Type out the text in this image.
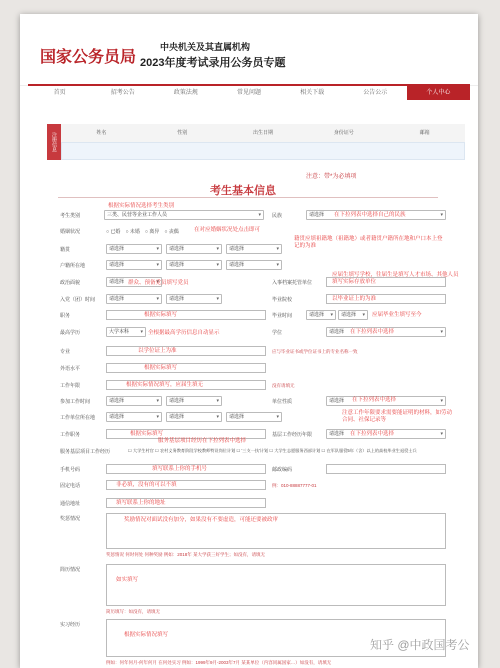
国家公务员局
中央机关及其直属机构
2023年度考试录用公务员专题
首页	招考公告	政策法规	常见问题	相关下载	公告公示	个人中心
注册信息	姓名	性别	出生日期	身份证号	邮箱
注意：带*为必填项
考生基本信息
考生类别	三类、民营等企业工作人员 ▾
根据实际情况选择考生类别
民族	请选择 ▾	在下拉列表中选择自己的民族
婚姻状况	○ 已婚　○ 未婚　○ 离异　○ 丧偶	在对应婚姻状况处点击即可
籍贯	请选择 ▾	请选择 ▾	请选择 ▾
籍贯应填祖籍地（祖籍地）或者籍贯户籍所在地和户口本上登记的为准
户籍所在地	请选择 ▾	请选择 ▾	请选择 ▾
政治面貌	请选择 ▾ 群众、预备党员填写党员	入事档案托管单位
应届生填写学校，往届生是填写人才市场、其他人员填写实际存放单位
入党（团）时间	请选择 ▾	请选择 ▾	毕业院校	以毕业证上的为准
职务	根据实际填写	毕业时间	请选择 ▾	请选择 ▾	应届毕业生填写至今
最高学历	大学本科 ▾	全根据最高学历信息自动显示	学位	请选择 ▾	在下拉列表中选择
专业	以学位证上为准	应与毕业证书或学位证书上的专业名称一致
外语水平	根据实际填写
工作年限	根据实际情况填写，应届生填无	没有请填无
参加工作时间	请选择 ▾	请选择 ▾	单位性质	请选择 ▾	在下拉列表中选择
工作单位所在地	请选择 ▾	请选择 ▾	请选择 ▾
注意工作年限要求需要能证明的材料，如劳动合同、社保记录等
工作职务	根据实际填写	基层工作经历年限	请选择 ▾	在下拉列表中选择
服务基层项目经历在下拉列表中选择
服务基层项目工作经历	☐ 大学生村官 ☐ 农村义务教育阶段学校教师特设岗位计划 ☐ '三支一扶'计划 ☐ 大学生志愿服务西部计划 ☐ 在军队服役5年（含）以上的高校毕业生退役士兵
手机号码	填写联系上你的手机号	邮政编码
固定电话	非必填，没有的可以不填	例：010-88887777-01
通信地址	填写联系上你的地址
奖惩情况	奖励情况对面试没有加分，如果没有不要虚造，可能还要被政审
奖惩情况 何时何处 何种奖励 例如：2018年 某大学获三好学生；如没有，请填无
简历情况
如实填写
简历填写：如没有，请填无
实习经历
根据实际情况填写
例如：何年何月-何年何月 在何处实习 例如：1999年9月-2003年7月 某某单位（内容同属国家…）如没有，请填无
知乎 @中政国考公
